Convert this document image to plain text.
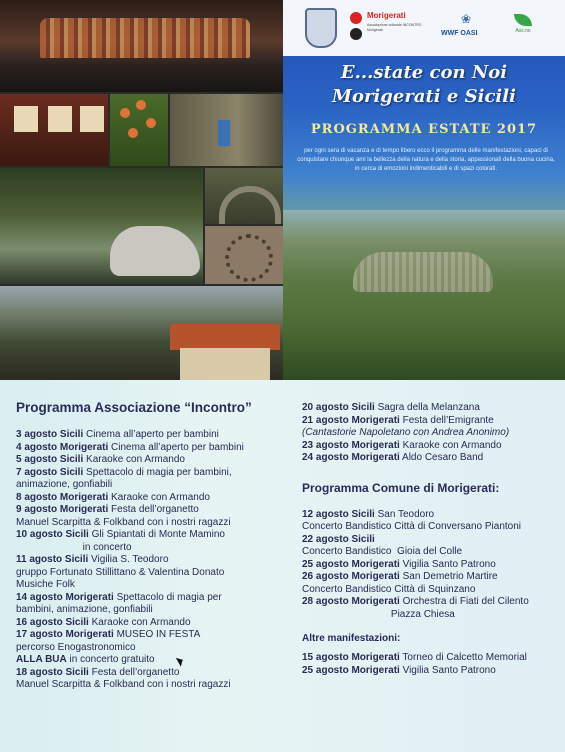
Morigerati
Associazione culturale INCONTRO Morigerati
❀
WWF OASI	Ass.ne
E...state con Noi
Morigerati e Sicili
PROGRAMMA ESTATE 2017
per ogni sera di vacanza e di tempo libero ecco il programma delle manifestazioni, capaci di conquistare chiunque ami la bellezza della natura e della storia, appassionati della buona cucina, in cerca di emozioni indimenticabili e di spazi colorati.
Programma Associazione “Incontro”
3 agosto Sicili Cinema all’aperto per bambini
4 agosto Morigerati Cinema all’aperto per bambini
5 agosto Sicili Karaoke con Armando
7 agosto Sicili Spettacolo di magia per bambini,
animazione, gonfiabili
8 agosto Morigerati Karaoke con Armando
9 agosto Morigerati Festa dell’organetto
Manuel Scarpitta & Folkband con i nostri ragazzi
10 agosto Sicili Gli Spiantati di Monte Mamino
in concerto
11 agosto Sicili Vigilia S. Teodoro
gruppo Fortunato Stillittano & Valentina Donato
Musiche Folk
14 agosto Morigerati Spettacolo di magia per
bambini, animazione, gonfiabili
16 agosto Sicili Karaoke con Armando
17 agosto Morigerati MUSEO IN FESTA
percorso Enogastronomico
ALLA BUA in concerto gratuito
18 agosto Sicili Festa dell’organetto
Manuel Scarpitta & Folkband con i nostri ragazzi
20 agosto Sicili Sagra della Melanzana
21 agosto Morigerati Festa dell’Emigrante
(Cantastorie Napoletano con Andrea Anonimo)
23 agosto Morigerati Karaoke con Armando
24 agosto Morigerati Aldo Cesaro Band
Programma Comune di Morigerati:
12 agosto Sicili San Teodoro
Concerto Bandistico Città di Conversano Piantoni
22 agosto Sicili
Concerto Bandistico  Gioia del Colle
25 agosto Morigerati Vigilia Santo Patrono
26 agosto Morigerati San Demetrio Martire
Concerto Bandistico Città di Squinzano
28 agosto Morigerati Orchestra di Fiati del Cilento
Piazza Chiesa
Altre manifestazioni:
15 agosto Morigerati Torneo di Calcetto Memorial
25 agosto Morigerati Vigilia Santo Patrono
